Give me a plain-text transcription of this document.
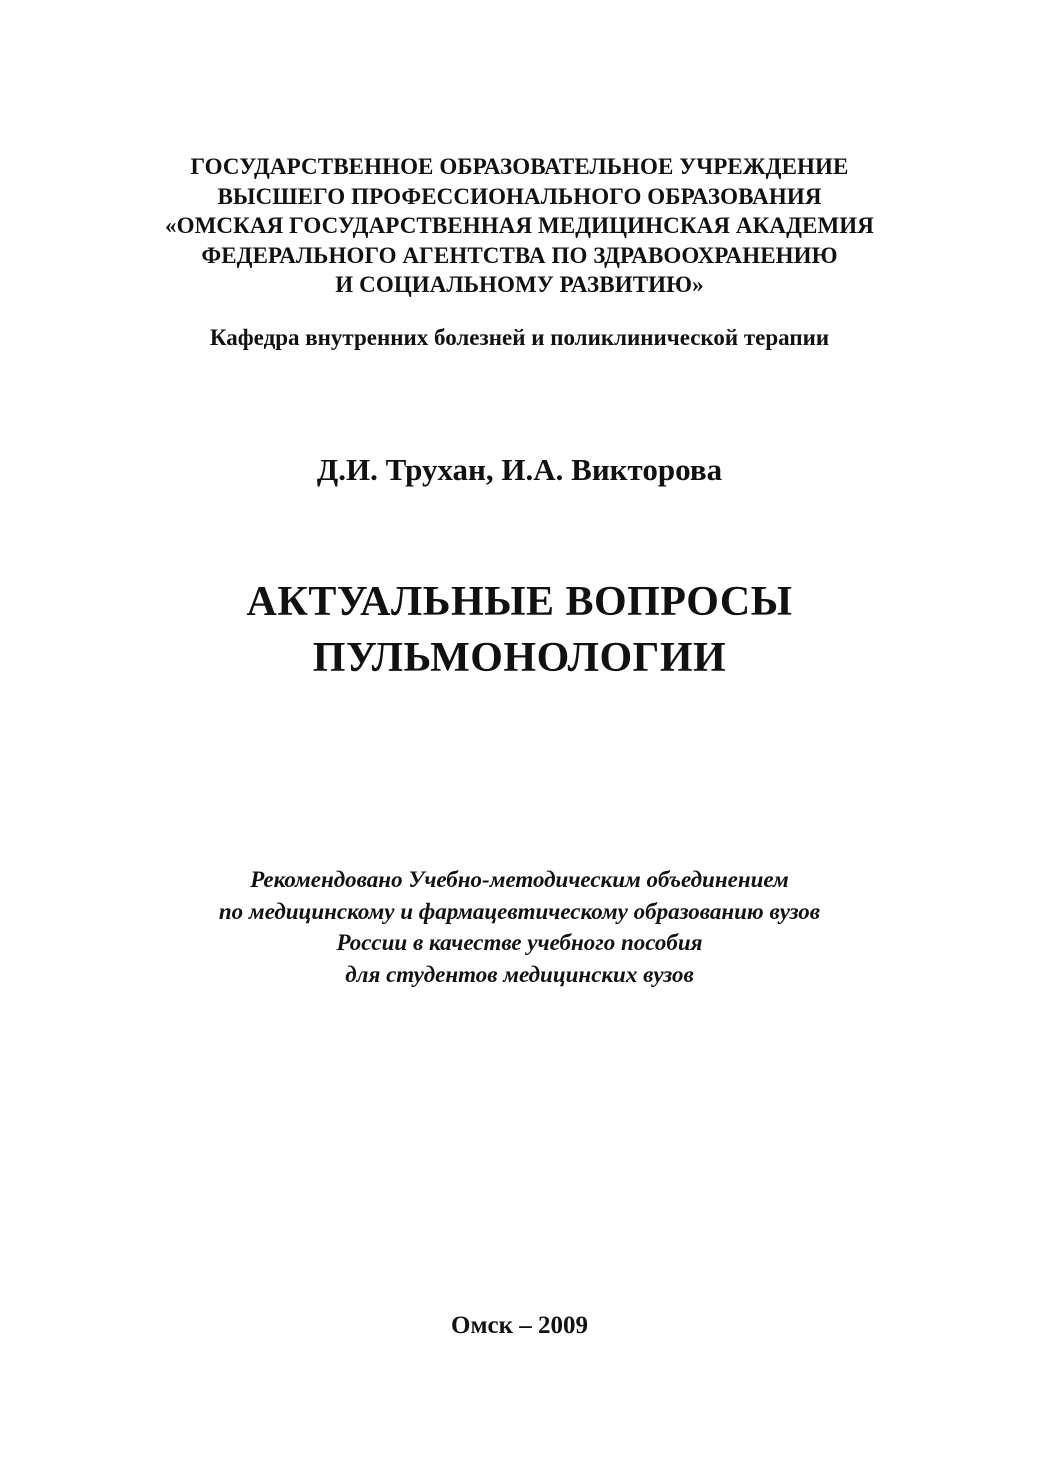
ГОСУДАРСТВЕННОЕ ОБРАЗОВАТЕЛЬНОЕ УЧРЕЖДЕНИЕ
ВЫСШЕГО ПРОФЕССИОНАЛЬНОГО ОБРАЗОВАНИЯ
«ОМСКАЯ ГОСУДАРСТВЕННАЯ МЕДИЦИНСКАЯ АКАДЕМИЯ
ФЕДЕРАЛЬНОГО АГЕНТСТВА ПО ЗДРАВООХРАНЕНИЮ
И СОЦИАЛЬНОМУ РАЗВИТИЮ»
Кафедра внутренних болезней и поликлинической терапии
Д.И. Трухан, И.А. Викторова
АКТУАЛЬНЫЕ ВОПРОСЫ
ПУЛЬМОНОЛОГИИ
Рекомендовано Учебно-методическим объединением
по медицинскому и фармацевтическому образованию вузов
России в качестве учебного пособия
для студентов медицинских вузов
Омск – 2009
